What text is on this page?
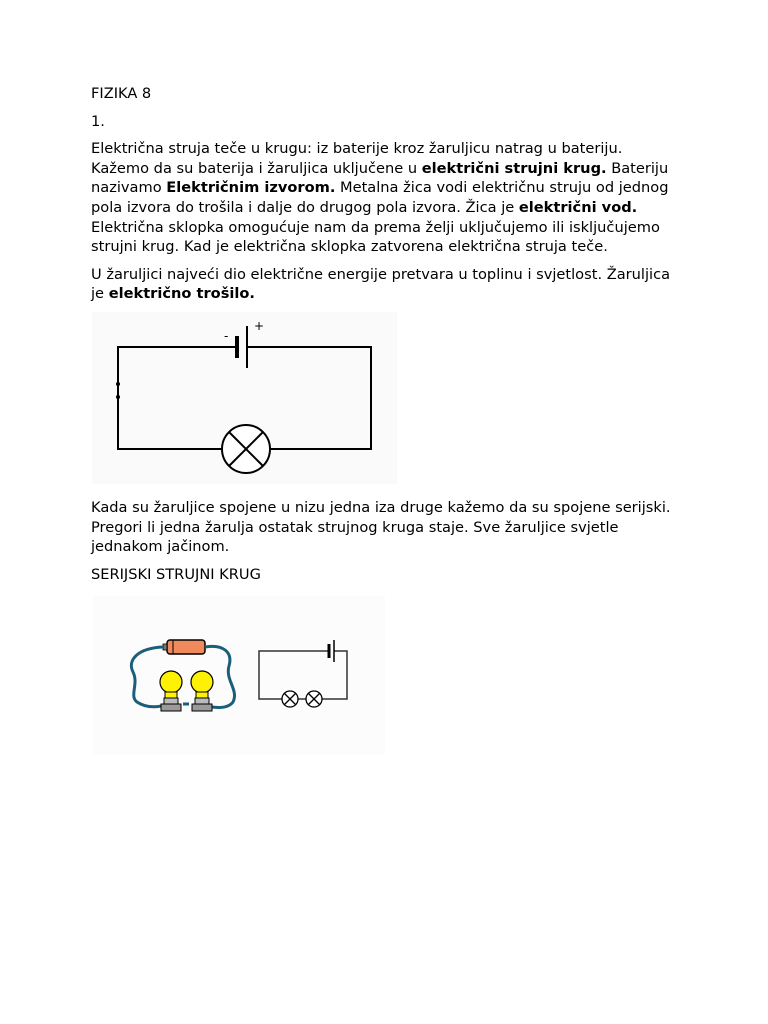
FIZIKA 8

1.

Električna struja teče u krugu: iz baterije kroz žaruljicu natrag u bateriju. Kažemo da su baterija i žaruljica uključene u električni strujni krug. Bateriju nazivamo Električnim izvorom. Metalna žica vodi električnu struju od jednog pola izvora do trošila i dalje do drugog pola izvora. Žica je električni vod. Električna sklopka omogućuje nam da prema želji uključujemo ili isključujemo strujni krug. Kad je električna sklopka zatvorena električna struja teče.

U žaruljici najveći dio električne energije pretvara u toplinu i svjetlost. Žaruljica je električno trošilo.

-
+

Kada su žaruljice spojene u nizu jedna iza druge kažemo da su spojene serijski. Pregori li jedna žarulja ostatak strujnog kruga staje. Sve žaruljice svjetle jednakom jačinom.

SERIJSKI STRUJNI KRUG
